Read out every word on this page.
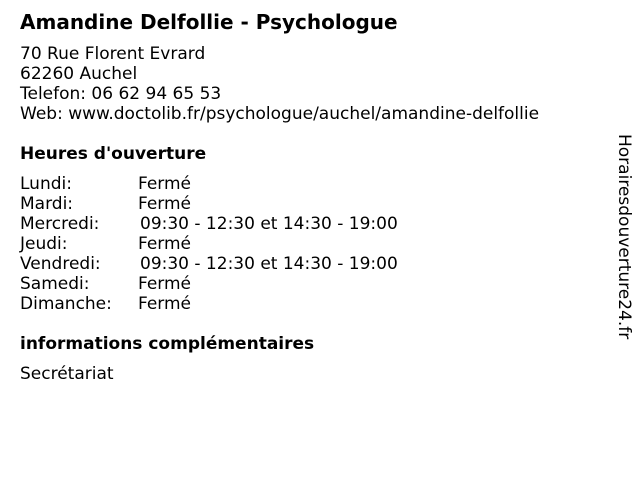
Amandine Delfollie - Psychologue
70 Rue Florent Evrard
62260 Auchel
Telefon: 06 62 94 65 53
Web: www.doctolib.fr/psychologue/auchel/amandine-delfollie
Heures d'ouverture
Lundi:	Fermé
Mardi:	Fermé
Mercredi: 09:30 - 12:30 et 14:30 - 19:00
Jeudi:	Fermé
Vendredi: 09:30 - 12:30 et 14:30 - 19:00
Samedi:	Fermé
Dimanche: Fermé
informations complémentaires
Secrétariat
Horairesdouverture24.fr
